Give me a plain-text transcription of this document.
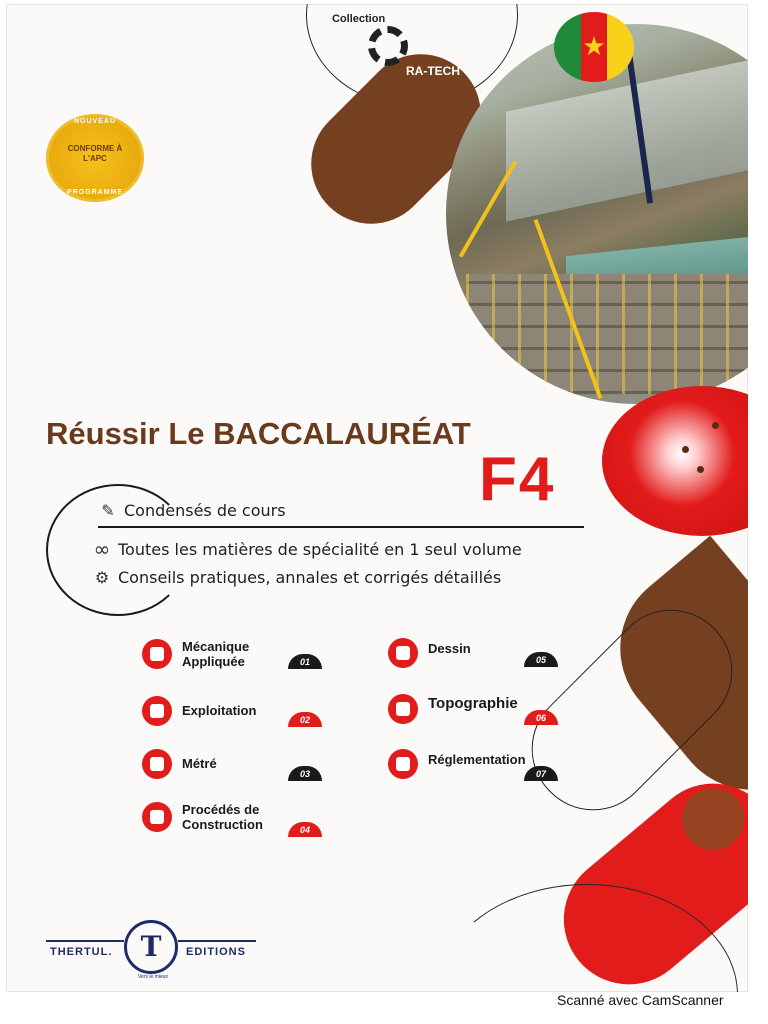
Collection
RA-TECH
★
NOUVEAU
CONFORME À L'APC
PROGRAMME
Réussir Le BACCALAURÉAT
F4
✎ Condensés de cours
∞ Toutes les matières de spécialité en 1 seul volume
⚙ Conseils pratiques, annales et corrigés détaillés
Mécanique
Appliquée	01
Exploitation
02
Métré
03
Procédés de
Construction	04
Dessin
05
Topographie
06
Réglementation
07
THERTUL.	T	EDITIONS
Vers le mieux
Scanné avec CamScanner
